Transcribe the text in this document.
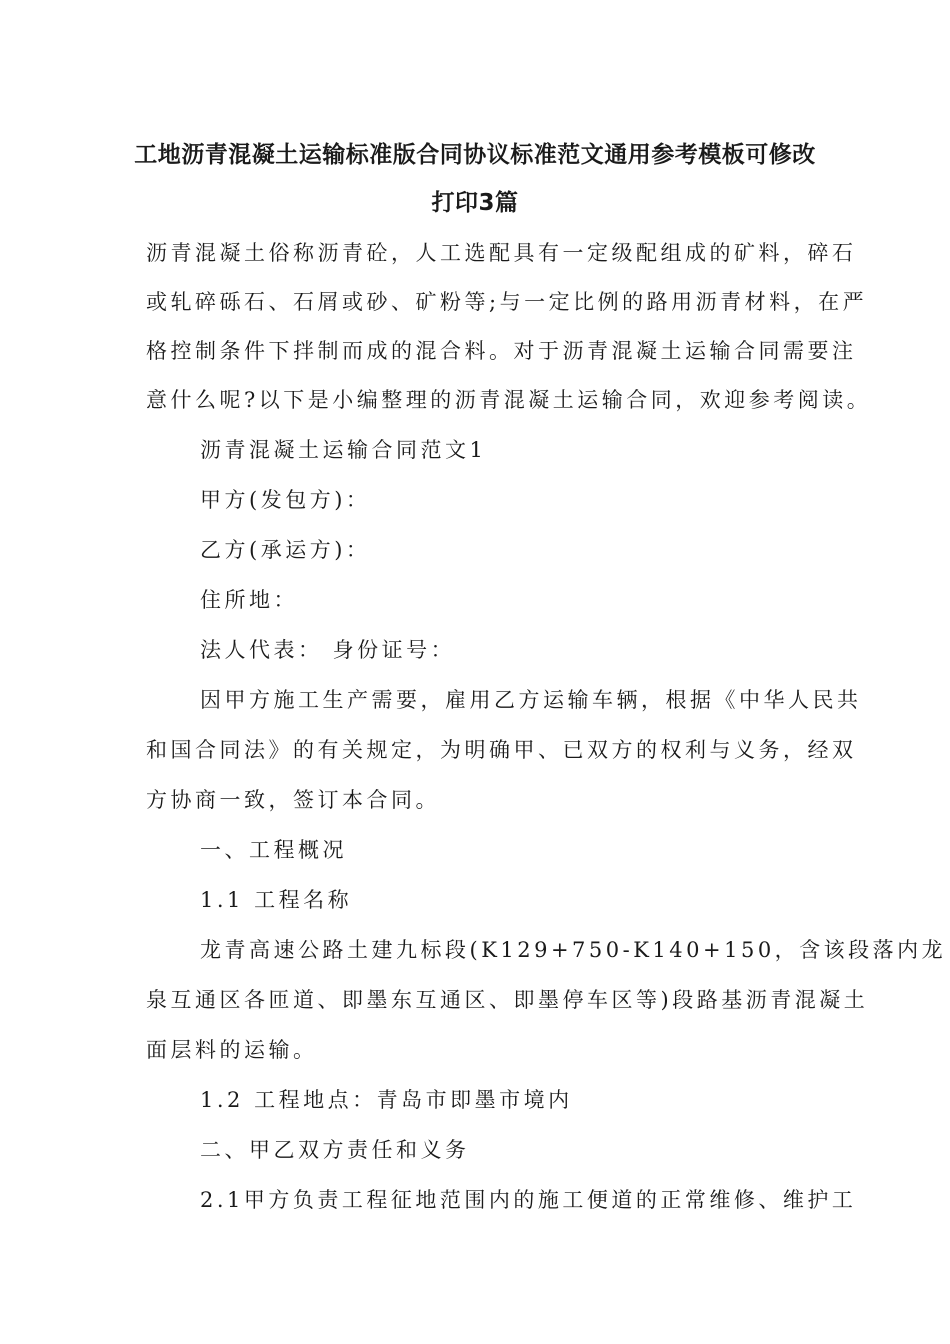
工地沥青混凝土运输标准版合同协议标准范文通用参考模板可修改
打印3篇
沥青混凝土俗称沥青砼，人工选配具有一定级配组成的矿料，碎石
或轧碎砾石、石屑或砂、矿粉等;与一定比例的路用沥青材料，在严
格控制条件下拌制而成的混合料。对于沥青混凝土运输合同需要注
意什么呢?以下是小编整理的沥青混凝土运输合同，欢迎参考阅读。
沥青混凝土运输合同范文1
甲方(发包方)：
乙方(承运方)：
住所地：
法人代表： 身份证号：
因甲方施工生产需要，雇用乙方运输车辆，根据《中华人民共
和国合同法》的有关规定，为明确甲、已双方的权利与义务，经双
方协商一致，签订本合同。
一、工程概况
1.1 工程名称
龙青高速公路土建九标段(K129+750-K140+150，含该段落内龙
泉互通区各匝道、即墨东互通区、即墨停车区等)段路基沥青混凝土
面层料的运输。
1.2 工程地点：青岛市即墨市境内
二、甲乙双方责任和义务
2.1甲方负责工程征地范围内的施工便道的正常维修、维护工
